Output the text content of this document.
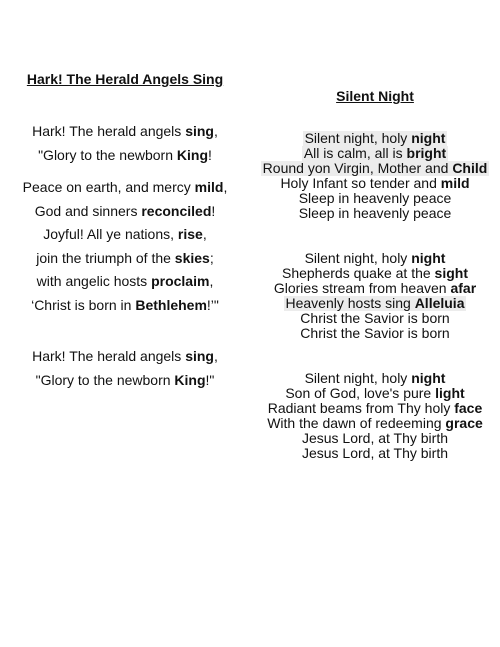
Hark! The Herald Angels Sing
Hark! The herald angels sing,
"Glory to the newborn King!
Peace on earth, and mercy mild,
God and sinners reconciled!
Joyful! All ye nations, rise,
join the triumph of the skies;
with angelic hosts proclaim,
‘Christ is born in Bethlehem!’"
Hark! The herald angels sing,
"Glory to the newborn King!"
Silent Night
Silent night, holy night
All is calm, all is bright
Round yon Virgin, Mother and Child
Holy Infant so tender and mild
Sleep in heavenly peace
Sleep in heavenly peace
Silent night, holy night
Shepherds quake at the sight
Glories stream from heaven afar
Heavenly hosts sing Alleluia
Christ the Savior is born
Christ the Savior is born
Silent night, holy night
Son of God, love's pure light
Radiant beams from Thy holy face
With the dawn of redeeming grace
Jesus Lord, at Thy birth
Jesus Lord, at Thy birth
